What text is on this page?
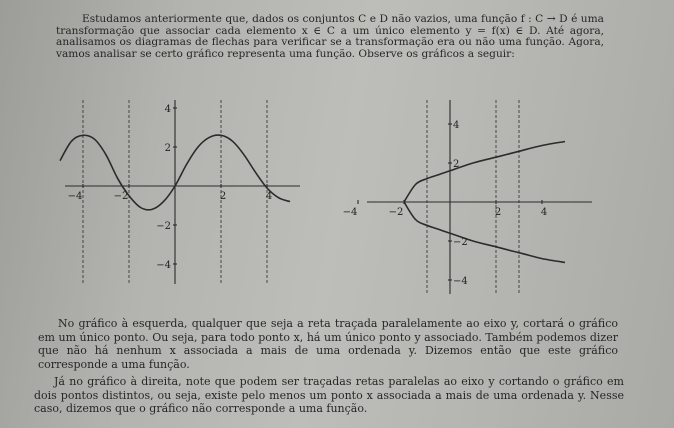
Estudamos anteriormente que, dados os conjuntos C e D não vazios, uma função f : C → D é uma transformação que associar cada elemento x ∈ C a um único elemento y = f(x) ∈ D. Até agora, analisamos os diagramas de flechas para verificar se a transformação era ou não uma função. Agora, vamos analisar se certo gráfico representa uma função. Observe os gráficos a seguir:

−4	−2	2	4
4
2
−2
−4
−4	−2	2	4
4
2
−2
−4

No gráfico à esquerda, qualquer que seja a reta traçada paralelamente ao eixo y, cortará o gráfico em um único ponto. Ou seja, para todo ponto x, há um único ponto y associado. Também podemos dizer que não há nenhum x associada a mais de uma ordenada y. Dizemos então que este gráfico corresponde a uma função.

Já no gráfico à direita, note que podem ser traçadas retas paralelas ao eixo y cortando o gráfico em dois pontos distintos, ou seja, existe pelo menos um ponto x associada a mais de uma ordenada y. Nesse caso, dizemos que o gráfico não corresponde a uma função.
